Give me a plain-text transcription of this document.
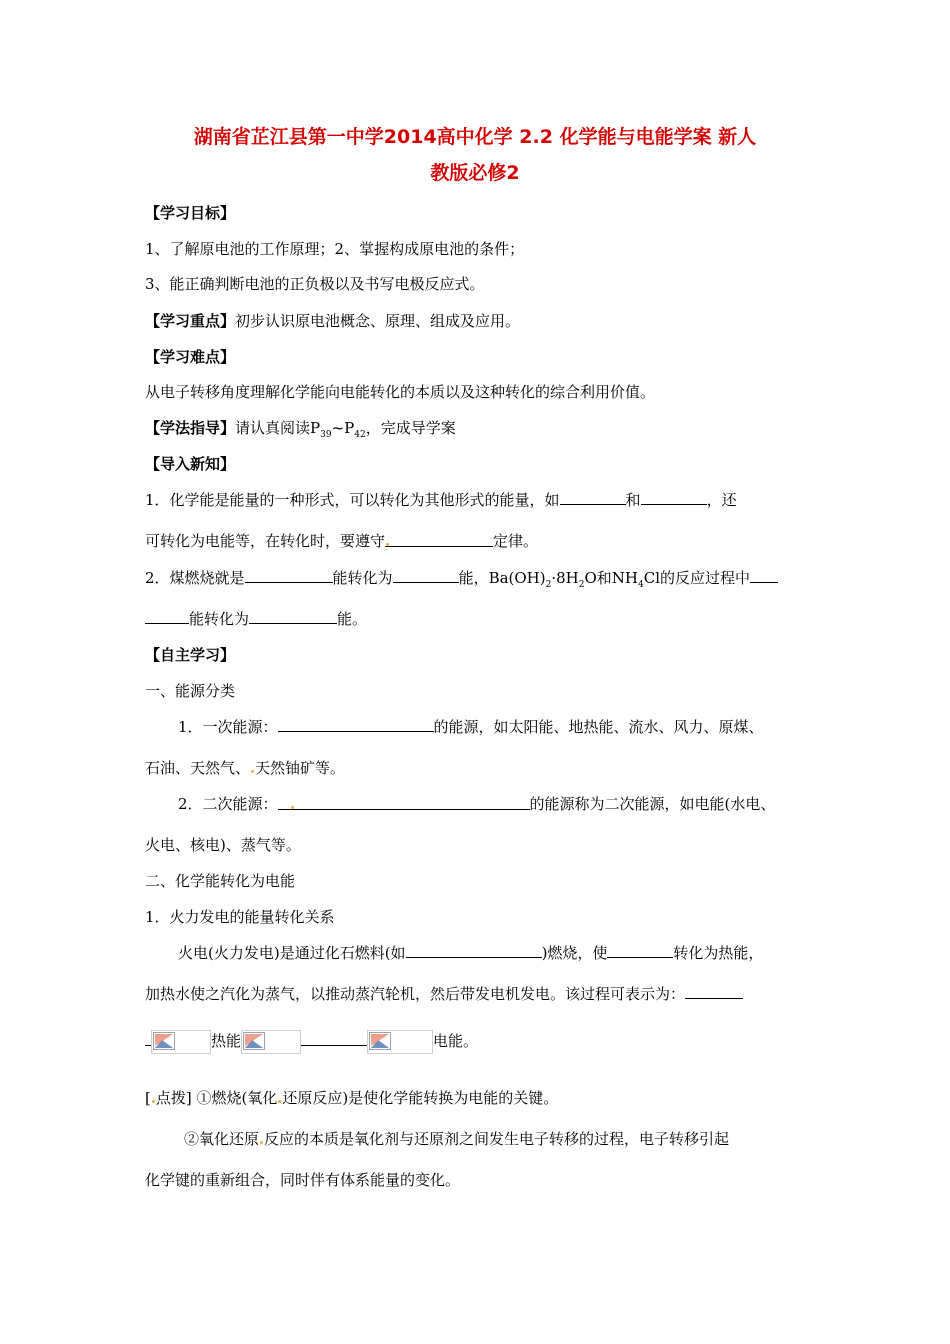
湖南省芷江县第一中学2014高中化学 2.2 化学能与电能学案 新人
教版必修2
【学习目标】
1、了解原电池的工作原理；2、掌握构成原电池的条件；
3、能正确判断电池的正负极以及书写电极反应式。
【学习重点】初步认识原电池概念、原理、组成及应用。
【学习难点】
从电子转移角度理解化学能向电能转化的本质以及这种转化的综合利用价值。
【学法指导】请认真阅读$P_{39}\sim P_{42}$，完成导学案
【导入新知】
1．化学能是能量的一种形式，可以转化为其他形式的能量，如	和	，还
可转化为电能等，在转化时，要遵守	定律。
2．煤燃烧就是	能转化为	能，$Ba(OH)_2\cdot 8H_2O$和$NH_4Cl$的反应过程中
能转化为	能。
【自主学习】
一、能源分类
1．一次能源：	的能源，如太阳能、地热能、流水、风力、原煤、
石油、天然气、 天然铀矿等。
2．二次能源：	的能源称为二次能源，如电能(水电、
火电、核电)、蒸气等。
二、化学能转化为电能
1．火力发电的能量转化关系
火电(火力发电)是通过化石燃料(如	)燃烧，使	转化为热能，
加热水使之汽化为蒸气，以推动蒸汽轮机，然后带发电机发电。该过程可表示为：
热能	电能。
[ 点拨] ①燃烧(氧化 还原反应)是使化学能转换为电能的关键。
②氧化还原 反应的本质是氧化剂与还原剂之间发生电子转移的过程，电子转移引起
化学键的重新组合，同时伴有体系能量的变化。
